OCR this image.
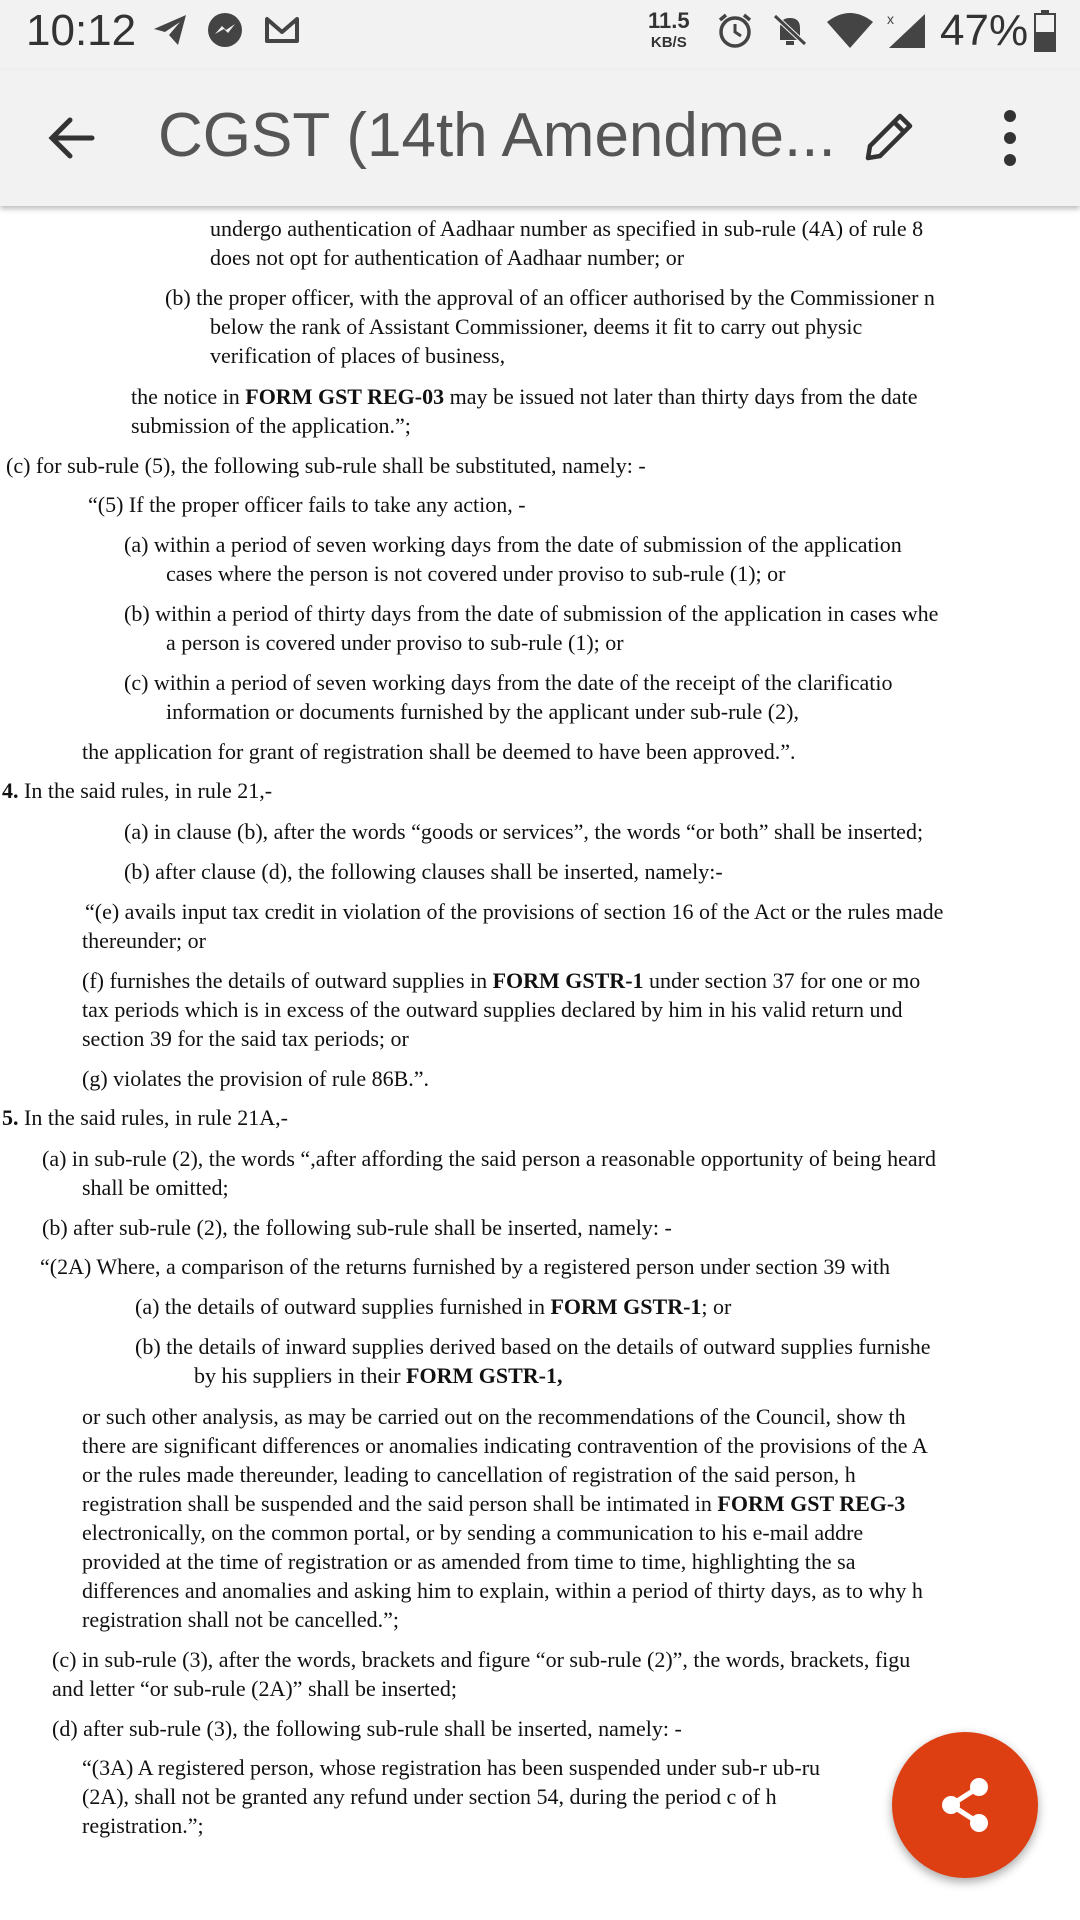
10:12	11.5
KB/S
x 47%
CGST (14th Amendme...

undergo authentication of Aadhaar number as specified in sub-rule (4A) of rule 8

does not opt for authentication of Aadhaar number; or

(b) the proper officer, with the approval of an officer authorised by the Commissioner n

below the rank of Assistant Commissioner, deems it fit to carry out physic

verification of places of business,

the notice in FORM GST REG-03 may be issued not later than thirty days from the date

submission of the application.”;

(c) for sub-rule (5), the following sub-rule shall be substituted, namely: -

“(5) If the proper officer fails to take any action, -

(a) within a period of seven working days from the date of submission of the application

cases where the person is not covered under proviso to sub-rule (1); or

(b) within a period of thirty days from the date of submission of the application in cases whe

a person is covered under proviso to sub-rule (1); or

(c) within a period of seven working days from the date of the receipt of the clarificatio

information or documents furnished by the applicant under sub-rule (2),

the application for grant of registration shall be deemed to have been approved.”.

4. In the said rules, in rule 21,-

(a) in clause (b), after the words “goods or services”, the words “or both” shall be inserted;

(b) after clause (d), the following clauses shall be inserted, namely:-

“(e) avails input tax credit in violation of the provisions of section 16 of the Act or the rules made

thereunder; or

(f) furnishes the details of outward supplies in FORM GSTR-1 under section 37 for one or mo

tax periods which is in excess of the outward supplies declared by him in his valid return und

section 39 for the said tax periods; or

(g) violates the provision of rule 86B.”.

5. In the said rules, in rule 21A,-

(a) in sub-rule (2), the words “,after affording the said person a reasonable opportunity of being heard

shall be omitted;

(b) after sub-rule (2), the following sub-rule shall be inserted, namely: -

“(2A) Where, a comparison of the returns furnished by a registered person under section 39 with

(a) the details of outward supplies furnished in FORM GSTR-1; or

(b) the details of inward supplies derived based on the details of outward supplies furnishe

by his suppliers in their FORM GSTR-1,

or such other analysis, as may be carried out on the recommendations of the Council, show th

there are significant differences or anomalies indicating contravention of the provisions of the A

or the rules made thereunder, leading to cancellation of registration of the said person, h

registration shall be suspended and the said person shall be intimated in FORM GST REG-3

electronically, on the common portal, or by sending a communication to his e-mail addre

provided at the time of registration or as amended from time to time, highlighting the sa

differences and anomalies and asking him to explain, within a period of thirty days, as to why h

registration shall not be cancelled.”;

(c) in sub-rule (3), after the words, brackets and figure “or sub-rule (2)”, the words, brackets, figu

and letter “or sub-rule (2A)” shall be inserted;

(d) after sub-rule (3), the following sub-rule shall be inserted, namely: -

“(3A) A registered person, whose registration has been suspended under sub-r ub-ru

(2A), shall not be granted any refund under section 54, during the period c of h

registration.”;
